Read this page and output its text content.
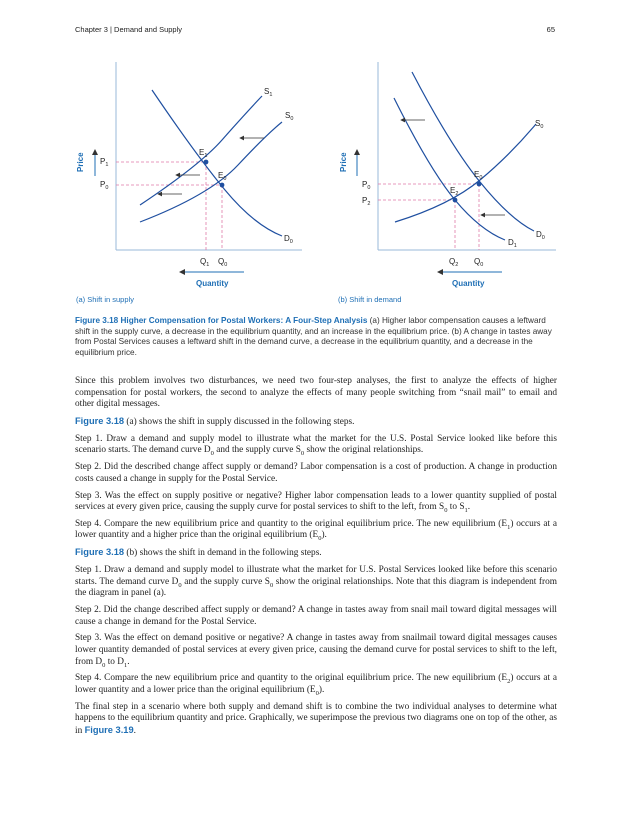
Chapter 3 | Demand and Supply	65
Price
Quantity
$S_1$
$S_0$
$D_0$
$E_1$
$E_0$
$P_1$
$P_0$
$Q_1$ $Q_0$
(a) Shift in supply
Price
Quantity
$S_0$
$D_0$
$D_1$
$E_0$
$E_2$
$P_0$
$P_2$
$Q_2$ $Q_0$
(b) Shift in demand
Figure 3.18 Higher Compensation for Postal Workers: A Four-Step Analysis (a) Higher labor compensation causes a leftward shift in the supply curve, a decrease in the equilibrium quantity, and an increase in the equilibrium price. (b) A change in tastes away from Postal Services causes a leftward shift in the demand curve, a decrease in the equilibrium quantity, and a decrease in the equilibrium price.

Since this problem involves two disturbances, we need two four-step analyses, the first to analyze the effects of higher compensation for postal workers, the second to analyze the effects of many people switching from “snail mail” to email and other digital messages.

Figure 3.18 (a) shows the shift in supply discussed in the following steps.

Step 1. Draw a demand and supply model to illustrate what the market for the U.S. Postal Service looked like before this scenario starts. The demand curve $D_0$ and the supply curve $S_0$ show the original relationships.

Step 2. Did the described change affect supply or demand? Labor compensation is a cost of production. A change in production costs caused a change in supply for the Postal Service.

Step 3. Was the effect on supply positive or negative? Higher labor compensation leads to a lower quantity supplied of postal services at every given price, causing the supply curve for postal services to shift to the left, from $S_0$ to $S_1$.

Step 4. Compare the new equilibrium price and quantity to the original equilibrium price. The new equilibrium $(E_1)$ occurs at a lower quantity and a higher price than the original equilibrium $(E_0)$.

Figure 3.18 (b) shows the shift in demand in the following steps.

Step 1. Draw a demand and supply model to illustrate what the market for U.S. Postal Services looked like before this scenario starts. The demand curve $D_0$ and the supply curve $S_0$ show the original relationships. Note that this diagram is independent from the diagram in panel (a).

Step 2. Did the change described affect supply or demand? A change in tastes away from snail mail toward digital messages will cause a change in demand for the Postal Service.

Step 3. Was the effect on demand positive or negative? A change in tastes away from snailmail toward digital messages causes lower quantity demanded of postal services at every given price, causing the demand curve for postal services to shift to the left, from $D_0$ to $D_1$.

Step 4. Compare the new equilibrium price and quantity to the original equilibrium price. The new equilibrium $(E_2)$ occurs at a lower quantity and a lower price than the original equilibrium $(E_0)$.

The final step in a scenario where both supply and demand shift is to combine the two individual analyses to determine what happens to the equilibrium quantity and price. Graphically, we superimpose the previous two diagrams one on top of the other, as in Figure 3.19.
